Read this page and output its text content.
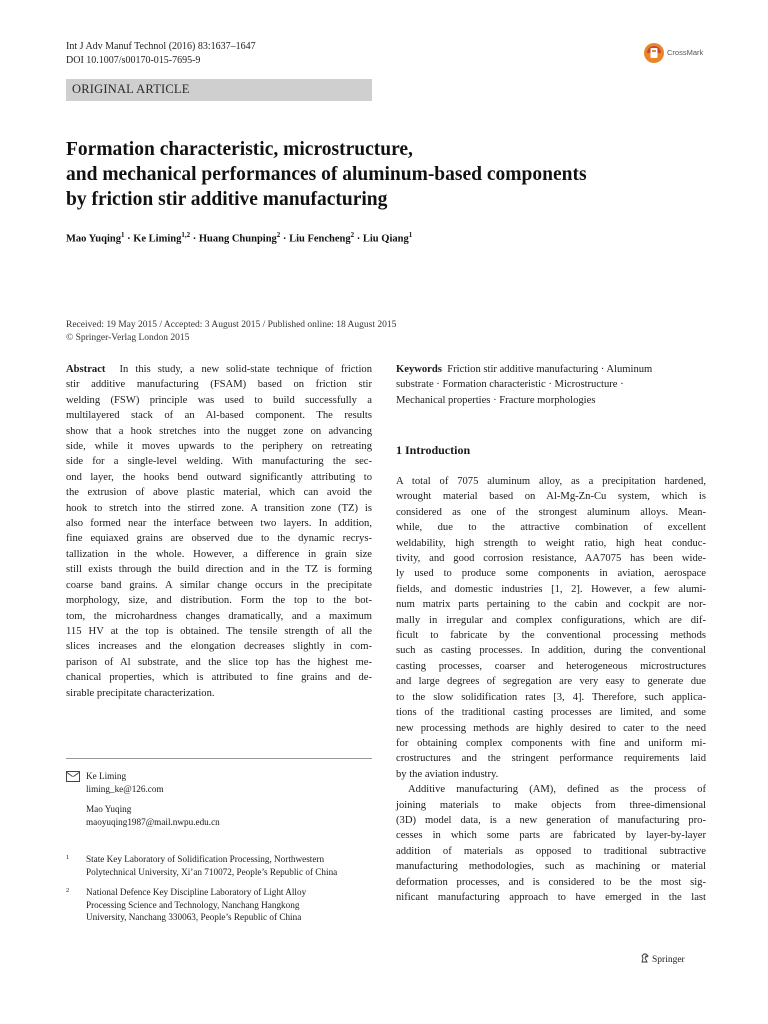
Int J Adv Manuf Technol (2016) 83:1637–1647
DOI 10.1007/s00170-015-7695-9
CrossMark
ORIGINAL ARTICLE
Formation characteristic, microstructure,
and mechanical performances of aluminum-based components
by friction stir additive manufacturing
Mao Yuqing$^1$ · Ke Liming$^{1,2}$ · Huang Chunping$^2$ · Liu Fencheng$^2$ · Liu Qiang$^1$
Received: 19 May 2015 / Accepted: 3 August 2015 / Published online: 18 August 2015
© Springer-Verlag London 2015
Abstract In this study, a new solid-state technique of friction
stir additive manufacturing (FSAM) based on friction stir
welding (FSW) principle was used to build successfully a
multilayered stack of an Al-based component. The results
show that a hook stretches into the nugget zone on advancing
side, while it moves upwards to the periphery on retreating
side for a single-level welding. With manufacturing the sec-
ond layer, the hooks bend outward significantly attributing to
the extrusion of above plastic material, which can avoid the
hook to stretch into the stirred zone. A transition zone (TZ) is
also formed near the interface between two layers. In addition,
fine equiaxed grains are observed due to the dynamic recrys-
tallization in the whole. However, a difference in grain size
still exists through the build direction and in the TZ is forming
coarse band grains. A similar change occurs in the precipitate
morphology, size, and distribution. Form the top to the bot-
tom, the microhardness changes dramatically, and a maximum
115 HV at the top is obtained. The tensile strength of all the
slices increases and the elongation decreases slightly in com-
parison of Al substrate, and the slice top has the highest me-
chanical properties, which is attributed to fine grains and de-
sirable precipitate characterization.
Keywords Friction stir additive manufacturing · Aluminum
substrate · Formation characteristic · Microstructure ·
Mechanical properties · Fracture morphologies
1 Introduction
A total of 7075 aluminum alloy, as a precipitation hardened,
wrought material based on Al-Mg-Zn-Cu system, which is
considered as one of the strongest aluminum alloys. Mean-
while, due to the attractive combination of excellent
weldability, high strength to weight ratio, high heat conduc-
tivity, and good corrosion resistance, AA7075 has been wide-
ly used to produce some components in aviation, aerospace
fields, and domestic industries [1, 2]. However, a few alumi-
num matrix parts pertaining to the cabin and cockpit are nor-
mally in irregular and complex configurations, which are dif-
ficult to fabricate by the conventional processing methods
such as casting processes. In addition, during the conventional
casting processes, coarser and heterogeneous microstructures
and large degrees of segregation are very easy to generate due
to the slow solidification rates [3, 4]. Therefore, such applica-
tions of the traditional casting processes are limited, and some
new processing methods are highly desired to cater to the need
for obtaining complex components with fine and uniform mi-
crostructures and the stringent performance requirements laid
by the aviation industry.
Additive manufacturing (AM), defined as the process of
joining materials to make objects from three-dimensional
(3D) model data, is a new generation of manufacturing pro-
cesses in which some parts are fabricated by layer-by-layer
addition of materials as opposed to traditional subtractive
manufacturing methodologies, such as machining or material
deformation processes, and is considered to be the most sig-
nificant manufacturing approach to have emerged in the last
Ke Liming
liming_ke@126.com
Mao Yuqing
maoyuqing1987@mail.nwpu.edu.cn
1 State Key Laboratory of Solidification Processing, Northwestern
Polytechnical University, Xi’an 710072, People’s Republic of China
2 National Defence Key Discipline Laboratory of Light Alloy
Processing Science and Technology, Nanchang Hangkong
University, Nanchang 330063, People’s Republic of China
Springer
